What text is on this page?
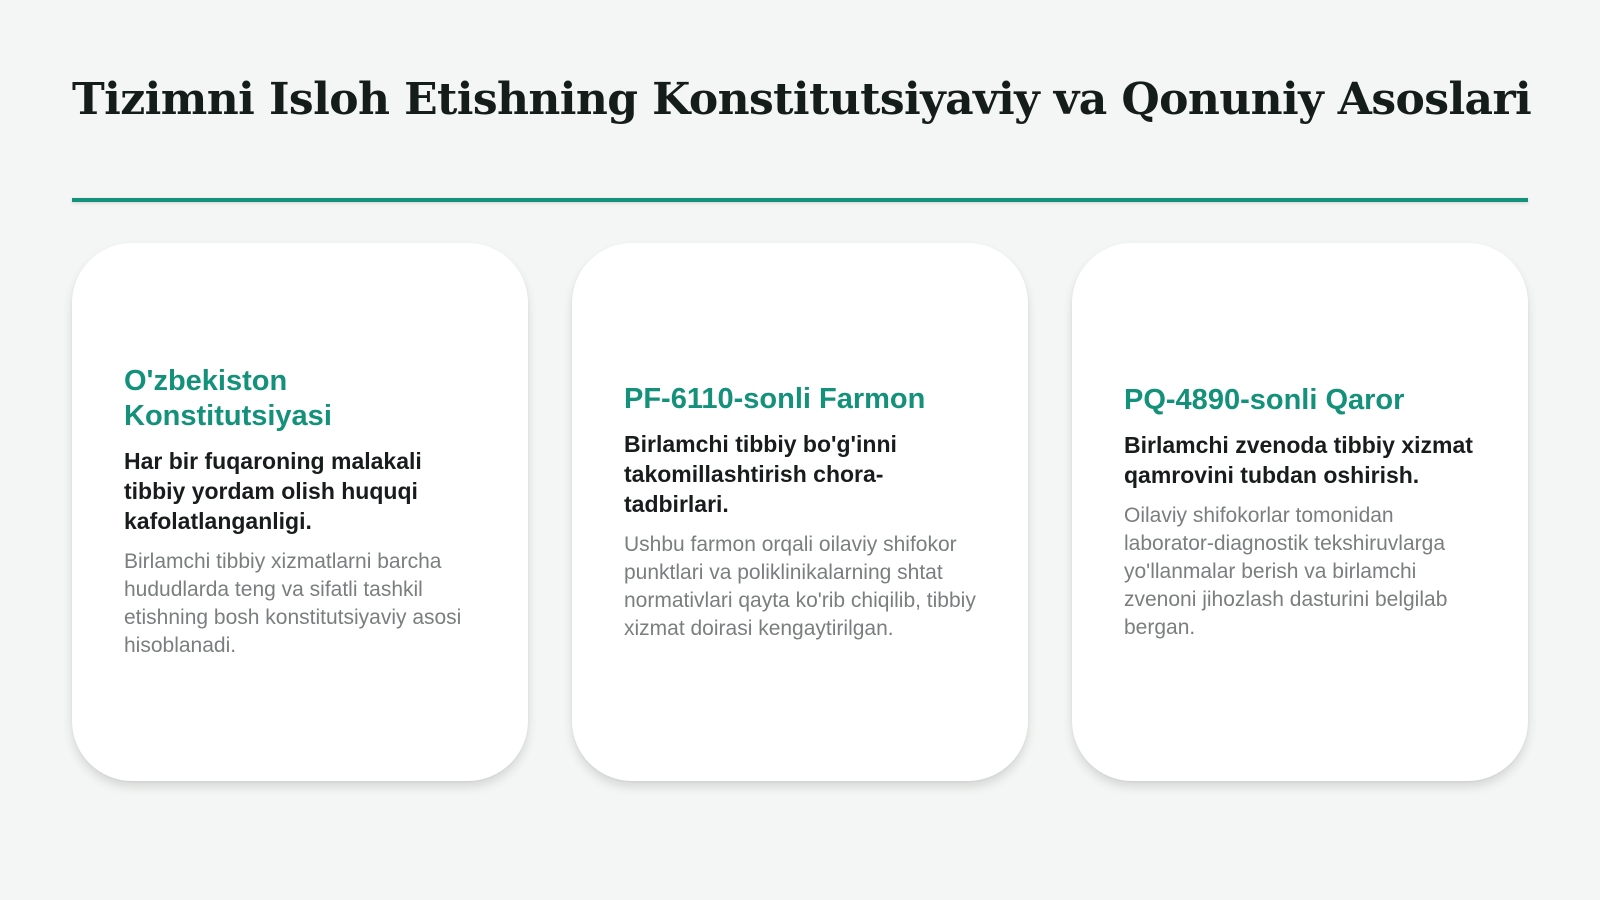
Tizimni Isloh Etishning Konstitutsiyaviy va Qonuniy Asoslari
O'zbekiston Konstitutsiyasi

Har bir fuqaroning malakali tibbiy yordam olish huquqi kafolatlanganligi.

Birlamchi tibbiy xizmatlarni barcha hududlarda teng va sifatli tashkil etishning bosh konstitutsiyaviy asosi hisoblanadi.

PF-6110-sonli Farmon

Birlamchi tibbiy bo'g'inni takomillashtirish chora-tadbirlari.

Ushbu farmon orqali oilaviy shifokor punktlari va poliklinikalarning shtat normativlari qayta ko'rib chiqilib, tibbiy xizmat doirasi kengaytirilgan.

PQ-4890-sonli Qaror

Birlamchi zvenoda tibbiy xizmat qamrovini tubdan oshirish.

Oilaviy shifokorlar tomonidan laborator-diagnostik tekshiruvlarga yo'llanmalar berish va birlamchi zvenoni jihozlash dasturini belgilab bergan.
